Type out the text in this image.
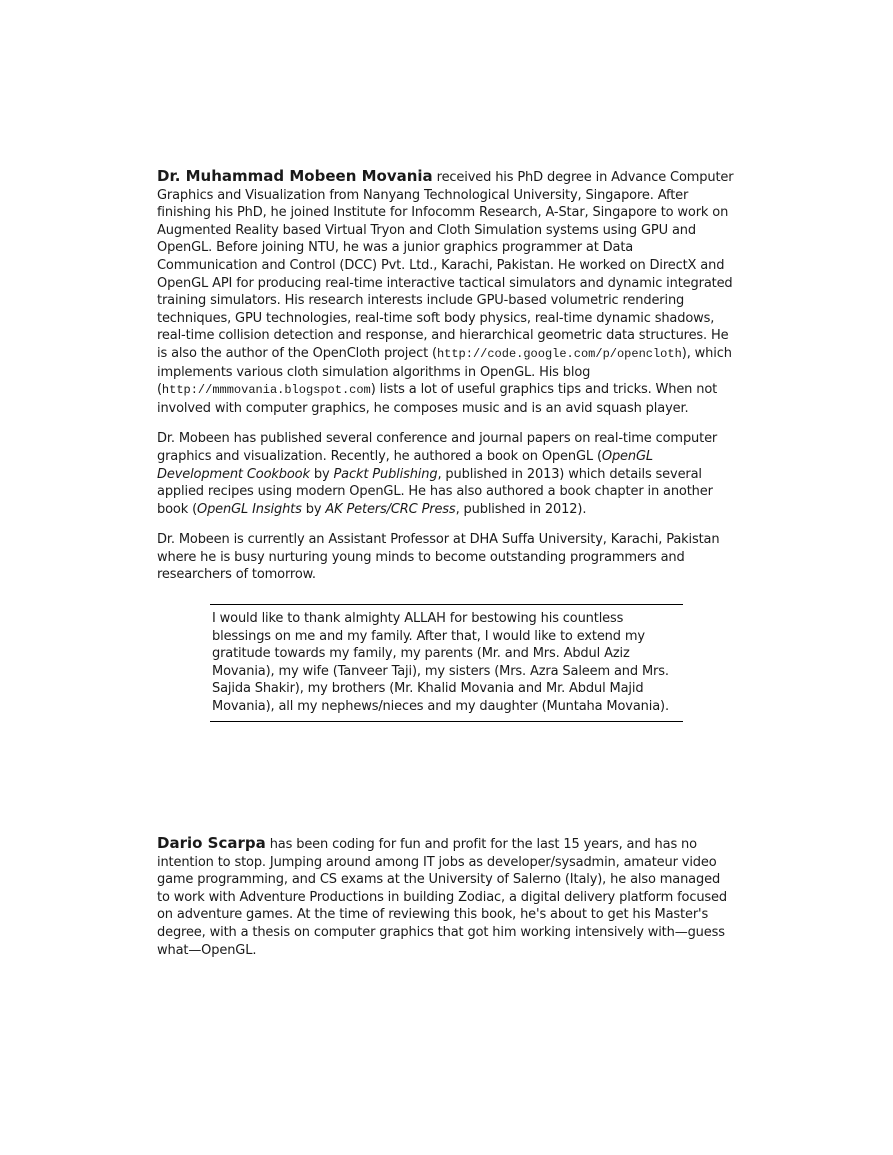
Dr. Muhammad Mobeen Movania received his PhD degree in Advance Computer Graphics and Visualization from Nanyang Technological University, Singapore. After finishing his PhD, he joined Institute for Infocomm Research, A-Star, Singapore to work on Augmented Reality based Virtual Tryon and Cloth Simulation systems using GPU and OpenGL. Before joining NTU, he was a junior graphics programmer at Data Communication and Control (DCC) Pvt. Ltd., Karachi, Pakistan. He worked on DirectX and OpenGL API for producing real-time interactive tactical simulators and dynamic integrated training simulators. His research interests include GPU-based volumetric rendering techniques, GPU technologies, real-time soft body physics, real-time dynamic shadows, real-time collision detection and response, and hierarchical geometric data structures. He is also the author of the OpenCloth project (http://code.google.com/p/opencloth), which implements various cloth simulation algorithms in OpenGL. His blog (http://mmmovania.blogspot.com) lists a lot of useful graphics tips and tricks. When not involved with computer graphics, he composes music and is an avid squash player.

Dr. Mobeen has published several conference and journal papers on real-time computer graphics and visualization. Recently, he authored a book on OpenGL (OpenGL Development Cookbook by Packt Publishing, published in 2013) which details several applied recipes using modern OpenGL. He has also authored a book chapter in another book (OpenGL Insights by AK Peters/CRC Press, published in 2012).

Dr. Mobeen is currently an Assistant Professor at DHA Suffa University, Karachi, Pakistan where he is busy nurturing young minds to become outstanding programmers and researchers of tomorrow.

I would like to thank almighty ALLAH for bestowing his countless blessings on me and my family. After that, I would like to extend my gratitude towards my family, my parents (Mr. and Mrs. Abdul Aziz Movania), my wife (Tanveer Taji), my sisters (Mrs. Azra Saleem and Mrs. Sajida Shakir), my brothers (Mr. Khalid Movania and Mr. Abdul Majid Movania), all my nephews/nieces and my daughter (Muntaha Movania).

Dario Scarpa has been coding for fun and profit for the last 15 years, and has no intention to stop. Jumping around among IT jobs as developer/sysadmin, amateur video game programming, and CS exams at the University of Salerno (Italy), he also managed to work with Adventure Productions in building Zodiac, a digital delivery platform focused on adventure games. At the time of reviewing this book, he's about to get his Master's degree, with a thesis on computer graphics that got him working intensively with—guess what—OpenGL.
